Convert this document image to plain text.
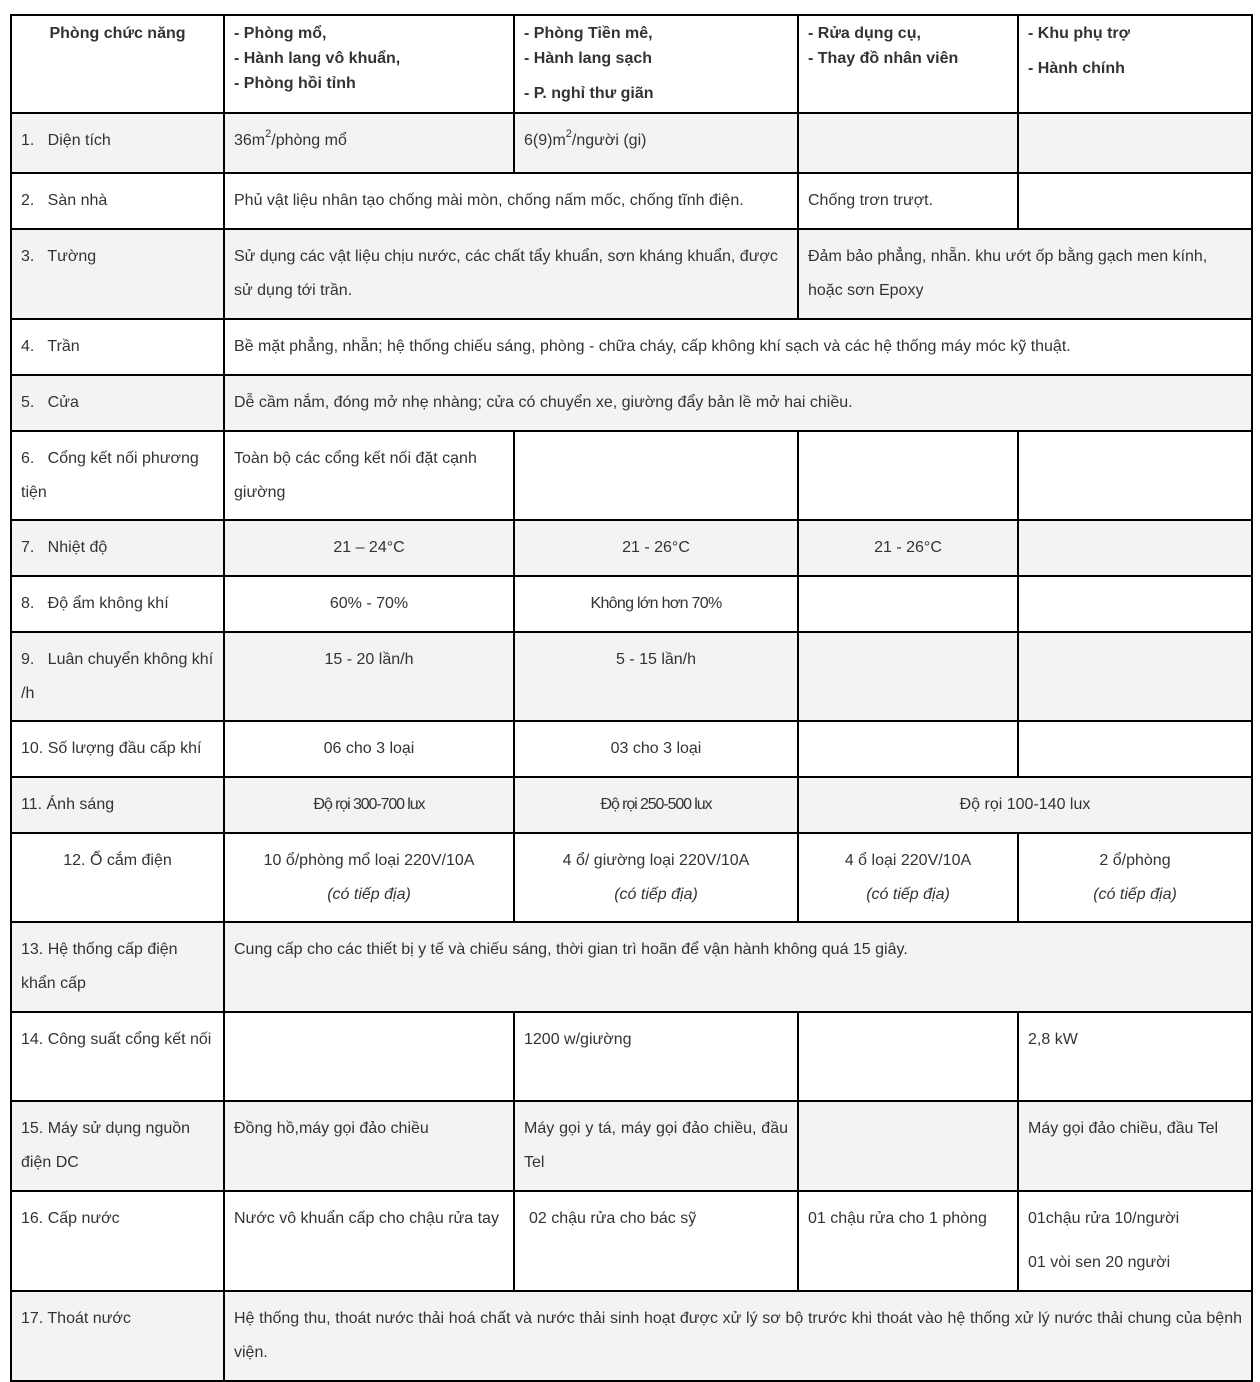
Phòng chức năng	- Phòng mổ,
- Hành lang vô khuẩn,
- Phòng hồi tỉnh	- Phòng Tiền mê,
- Hành lang sạch
- P. nghỉ thư giãn	- Rửa dụng cụ,
- Thay đồ nhân viên	- Khu phụ trợ
- Hành chính

1.   Diện tích	$36m^2$/phòng mổ	$6(9)m^2$/người (gi)		
2.   Sàn nhà	Phủ vật liệu nhân tạo chống mài mòn, chống nấm mốc, chống tĩnh điện.		Chống trơn trượt.	
3.   Tường	Sử dụng các vật liệu chịu nước, các chất tẩy khuẩn, sơn kháng khuẩn, được sử dụng tới trần.		Đảm bảo phẳng, nhẵn. khu ướt ốp bằng gạch men kính, hoặc sơn Epoxy	
4.   Trần	Bề mặt phẳng, nhẵn; hệ thống chiếu sáng, phòng - chữa cháy, cấp không khí sạch và các hệ thống máy móc kỹ thuật.			
5.   Cửa	Dễ cầm nắm, đóng mở nhẹ nhàng; cửa có chuyển xe, giường đẩy bản lề mở hai chiều.			
6.   Cổng kết nối phương tiện	Toàn bộ các cổng kết nối đặt cạnh giường			
7.   Nhiệt độ	21 – 24°C	21 - 26°C	21 - 26°C	
8.   Độ ẩm không khí	60% - 70%	Không lớn hơn 70%		
9.   Luân chuyển không khí /h	15 - 20 lần/h	5 - 15 lần/h		
10. Số lượng đầu cấp khí	06 cho 3 loại	03 cho 3 loại		
11. Ánh sáng	Độ rọi 300-700 lux	Độ rọi 250-500 lux	Độ rọi 100-140 lux	
12. Ổ cắm điện	10 ổ/phòng mổ loại 220V/10A
(có tiếp địa)	4 ổ/ giường loại 220V/10A
(có tiếp địa)	4 ổ loại 220V/10A
(có tiếp địa)	2 ổ/phòng
(có tiếp địa)

13. Hệ thống cấp điện khẩn cấp	Cung cấp cho các thiết bị y tế và chiếu sáng, thời gian trì hoãn để vận hành không quá 15 giây.			
14. Công suất cổng kết nối		1200 w/giường		2,8 kW
15. Máy sử dụng nguồn điện DC	Đồng hồ,máy gọi đảo chiều	Máy gọi y tá, máy gọi đảo chiều, đầu Tel		Máy gọi đảo chiều, đầu Tel
16. Cấp nước	Nước vô khuẩn cấp cho chậu rửa tay	02 chậu rửa cho bác sỹ	01 chậu rửa cho 1 phòng	01chậu rửa 10/người
01 vòi sen 20 người

17. Thoát nước	Hệ thống thu, thoát nước thải hoá chất và nước thải sinh hoạt được xử lý sơ bộ trước khi thoát vào hệ thống xử lý nước thải chung của bệnh viện.			
